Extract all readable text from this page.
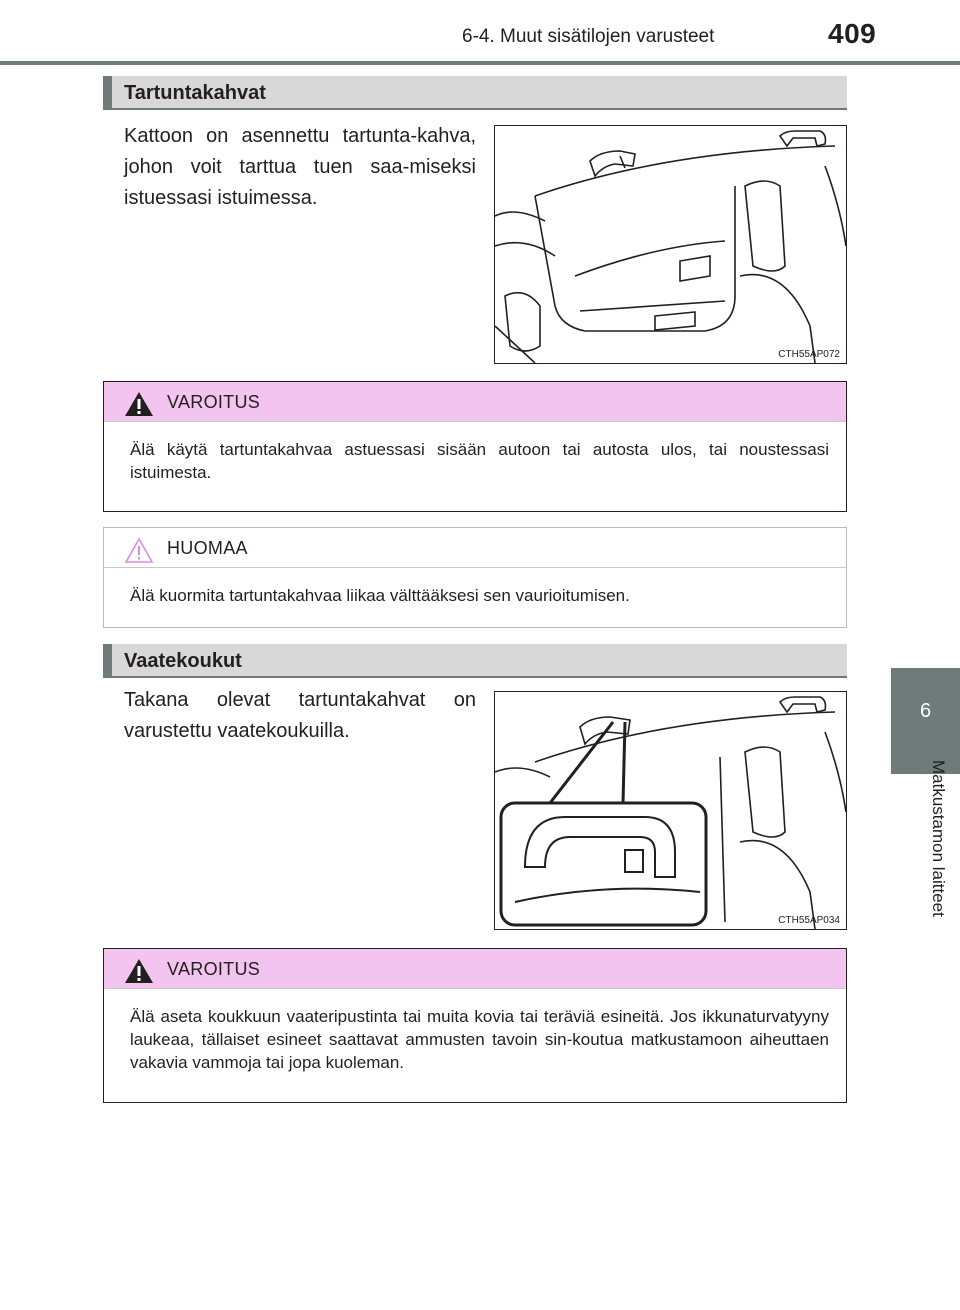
6-4. Muut sisätilojen varusteet	409
6
Matkustamon laitteet
Tartuntakahvat
Kattoon on asennettu tartunta-kahva, johon voit tarttua tuen saa-miseksi istuessasi istuimessa.
CTH55AP072
VAROITUS
Älä käytä tartuntakahvaa astuessasi sisään autoon tai autosta ulos, tai noustessasi istuimesta.
HUOMAA
Älä kuormita tartuntakahvaa liikaa välttääksesi sen vaurioitumisen.
Vaatekoukut
Takana olevat tartuntakahvat on varustettu vaatekoukuilla.
CTH55AP034
VAROITUS
Älä aseta koukkuun vaateripustinta tai muita kovia tai teräviä esineitä. Jos ikkunaturvatyyny laukeaa, tällaiset esineet saattavat ammusten tavoin sin-koutua matkustamoon aiheuttaen vakavia vammoja tai jopa kuoleman.
